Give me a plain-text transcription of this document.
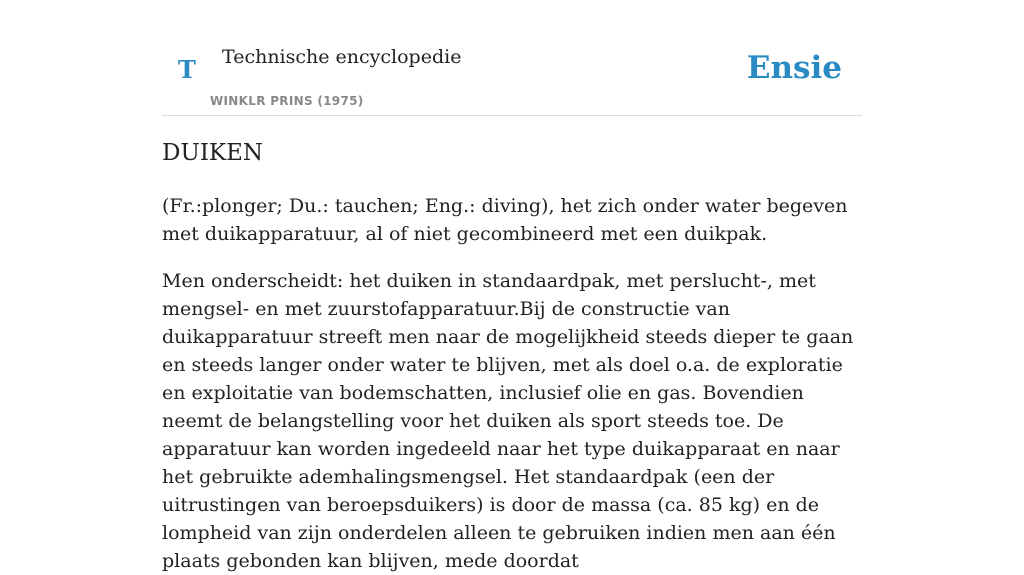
T Technische encyclopedie
WINKLR PRINS (1975)
Ensie
DUIKEN

(Fr.:plonger; Du.: tauchen; Eng.: diving), het zich onder water begeven met duikapparatuur, al of niet gecombineerd met een duikpak.

Men onderscheidt: het duiken in standaardpak, met perslucht-, met mengsel- en met zuurstofapparatuur.Bij de constructie van duikapparatuur streeft men naar de mogelijkheid steeds dieper te gaan en steeds langer onder water te blijven, met als doel o.a. de exploratie en exploitatie van bodemschatten, inclusief olie en gas. Bovendien neemt de belangstelling voor het duiken als sport steeds toe. De apparatuur kan worden ingedeeld naar het type duikapparaat en naar het gebruikte ademhalingsmengsel. Het standaardpak (een der uitrustingen van beroepsduikers) is door de massa (ca. 85 kg) en de lompheid van zijn onderdelen alleen te gebruiken indien men aan één plaats gebonden kan blijven, mede doordat
